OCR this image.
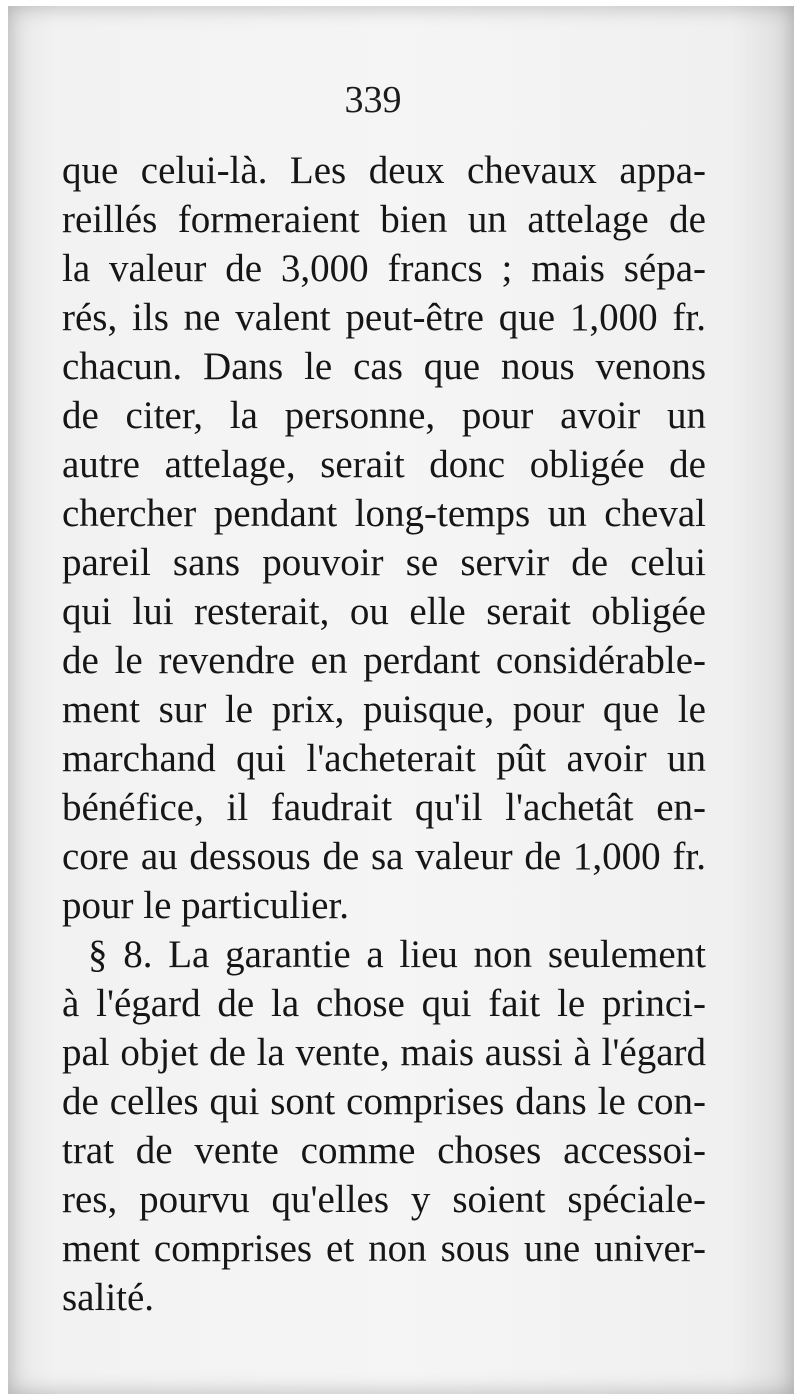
339
que celui-là. Les deux chevaux appa-
reillés formeraient bien un attelage de
la valeur de 3,000 francs ; mais sépa-
rés, ils ne valent peut-être que 1,000 fr.
chacun. Dans le cas que nous venons
de citer, la personne, pour avoir un
autre attelage, serait donc obligée de
chercher pendant long-temps un cheval
pareil sans pouvoir se servir de celui
qui lui resterait, ou elle serait obligée
de le revendre en perdant considérable-
ment sur le prix, puisque, pour que le
marchand qui l'acheterait pût avoir un
bénéfice, il faudrait qu'il l'achetât en-
core au dessous de sa valeur de 1,000 fr.
pour le particulier.
§ 8. La garantie a lieu non seulement
à l'égard de la chose qui fait le princi-
pal objet de la vente, mais aussi à l'égard
de celles qui sont comprises dans le con-
trat de vente comme choses accessoi-
res, pourvu qu'elles y soient spéciale-
ment comprises et non sous une univer-
salité.
